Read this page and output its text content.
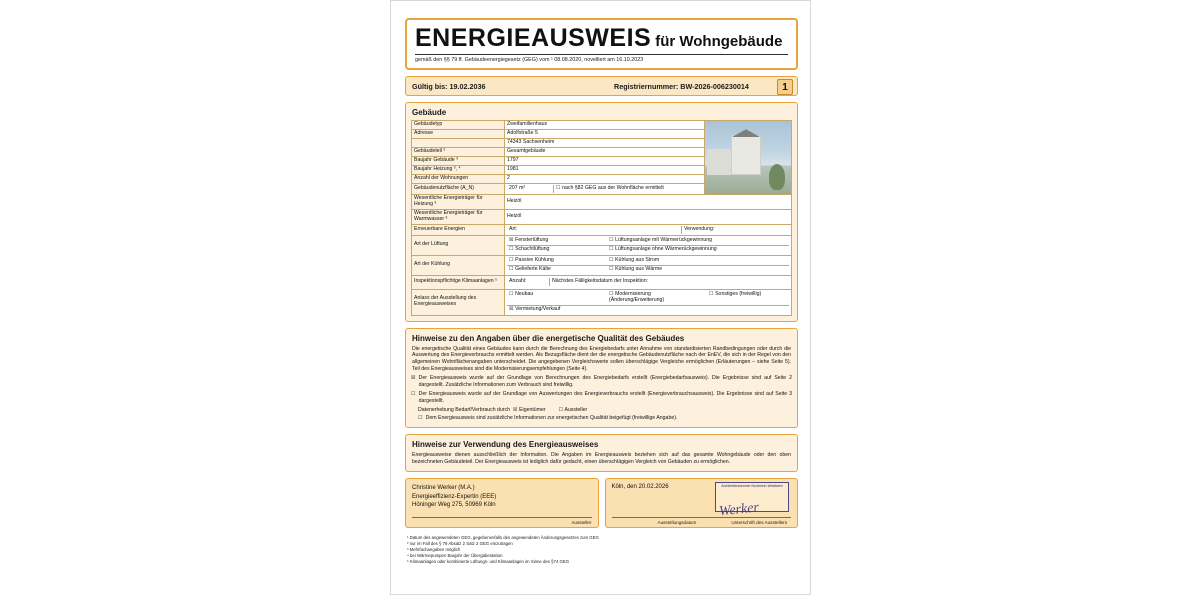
ENERGIEAUSWEIS für Wohngebäude
gemäß den §§ 79 ff. Gebäudeenergiegesetz (GEG) vom ¹ 08.08.2020, novelliert am 16.10.2023
Gültig bis: 19.02.2036	Registriernummer: BW-2026-006230014	1
Gebäude
Gebäudetyp	Zweifamilienhaus	

Adresse	Adolfstraße 5	
	74343 Sachsenheim	
Gebäudeteil ²	Gesamtgebäude	
Baujahr Gebäude ³	1797	
Baujahr Heizung ³, ⁴	1981	
Anzahl der Wohnungen	2	
Gebäudenutzfläche (A_N)	207 m² ☐ nach §82 GEG aus der Wohnfläche ermittelt	

Wesentliche Energieträger für Heizung ³	Heizöl	
Wesentliche Energieträger für Warmwasser ³	Heizöl	
Erneuerbare Energien	Art: Verwendung:	

Art der Lüftung	☒ Fensterlüftung ☐ Lüftungsanlage mit Wärmerückgewinnung
☐ Schachtlüftung ☐ Lüftungsanlage ohne Wärmerückgewinnung	

Art der Kühlung	☐ Passive Kühlung ☐ Kühlung aus Strom
☐ Gelieferte Kälte ☐ Kühlung aus Wärme	

Inspektionspflichtige Klimaanlagen ⁵	Anzahl: Nächstes Fälligkeitsdatum der Inspektion:	

Anlass der Ausstellung des Energieausweises	☐ Neubau ☐ Modernisierung (Änderung/Erweiterung)
☐ Sonstiges (freiwillig)
☒ Vermietung/Verkauf	
Hinweise zu den Angaben über die energetische Qualität des Gebäudes
Die energetische Qualität eines Gebäudes kann durch die Berechnung des Energiebedarfs unter Annahme von standardisierten Randbedingungen oder durch die Auswertung des Energieverbrauchs ermittelt werden. Als Bezugsfläche dient der die energetische Gebäudenutzfläche nach der EnEV, die sich in der Regel von den allgemeinen Wohnflächenangaben unterscheidet. Die angegebenen Vergleichswerte sollen überschlägige Vergleiche ermöglichen (Erläuterungen – siehe Seite 5). Teil des Energieausweises sind die Modernisierungsempfehlungen (Seite 4).
☒ Der Energieausweis wurde auf der Grundlage von Berechnungen des Energiebedarfs erstellt (Energiebedarfsausweis). Die Ergebnisse sind auf Seite 2 dargestellt. Zusätzliche Informationen zum Verbrauch sind freiwillig.
☐ Der Energieausweis wurde auf der Grundlage von Auswertungen des Energieverbrauchs erstellt (Energieverbrauchsausweis). Die Ergebnisse sind auf Seite 3 dargestellt.
Datenerhebung Bedarf/Verbrauch durch ☒ Eigentümer	☐ Aussteller
☐ Dem Energieausweis sind zusätzliche Informationen zur energetischen Qualität beigefügt (freiwillige Angabe).
Hinweise zur Verwendung des Energieausweises
Energieausweise dienen ausschließlich der Information. Die Angaben im Energieausweis beziehen sich auf das gesamte Wohngebäude oder den oben bezeichneten Gebäudeteil. Der Energieausweis ist lediglich dafür gedacht, einen überschlägigen Vergleich von Gebäuden zu ermöglichen.
Christine Werker (M.A.)
Energieeffizienz-Expertin (EEE)
Höninger Weg 275, 50969 Köln
Aussteller
Köln, den 20.02.2026	Architektenkammer Nordrhein-Westfalen
Werker
Ausstellungsdatum	Unterschrift des Ausstellers
¹ Datum des angewendeten GEG, gegebenenfalls des angewendeten Änderungsgesetzes zum GEG
² nur im Fall des § 79 Absatz 2 Satz 2 GEG einzutragen
³ Mehrfachangaben möglich
⁴ bei Wärmepumpen Baujahr der Übergabestation
⁵ Klimaanlagen oder kombinierte Lüftungs- und Klimaanlagen im Sinne des §74 GEG
